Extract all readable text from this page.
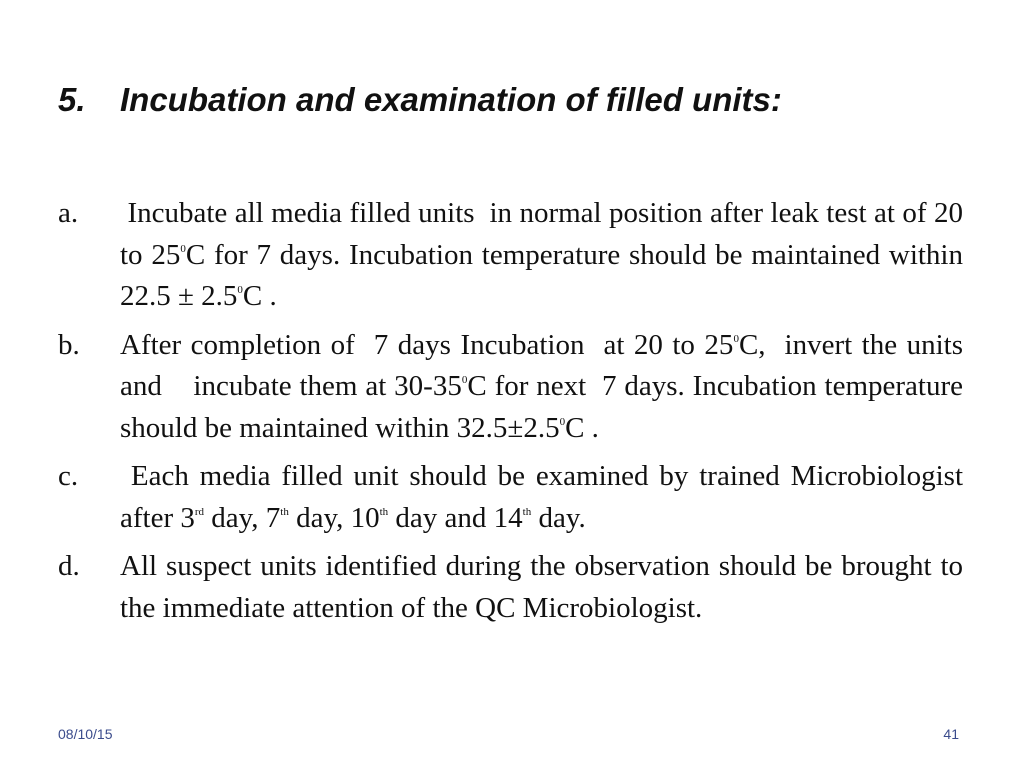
5. Incubation and examination of filled units:
a. Incubate all media filled units  in normal position after leak test at of 20 to $25^0C$ for 7 days. Incubation temperature should be maintained within $22.5 \pm 2.5^0C$ .
b. After completion of  7 days Incubation  at 20 to $25^0C$,  invert the units and    incubate them at $30-35^0C$ for next  7 days. Incubation temperature should be maintained within $32.5\pm 2.5^0C$ .
c. Each media filled unit should be examined by trained Microbiologist after 3rd day, 7th day, 10th day and 14th day.
d. All suspect units identified during the observation should be brought to the immediate attention of the QC Microbiologist.
08/10/15	41
